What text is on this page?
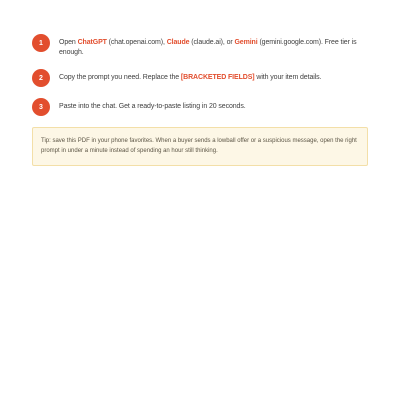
1	Open ChatGPT (chat.openai.com), Claude (claude.ai), or Gemini (gemini.google.com). Free tier is enough.
2	Copy the prompt you need. Replace the [BRACKETED FIELDS] with your item details.
3	Paste into the chat. Get a ready-to-paste listing in 20 seconds.
Tip: save this PDF in your phone favorites. When a buyer sends a lowball offer or a suspicious message, open the right prompt in under a minute instead of spending an hour still thinking.
